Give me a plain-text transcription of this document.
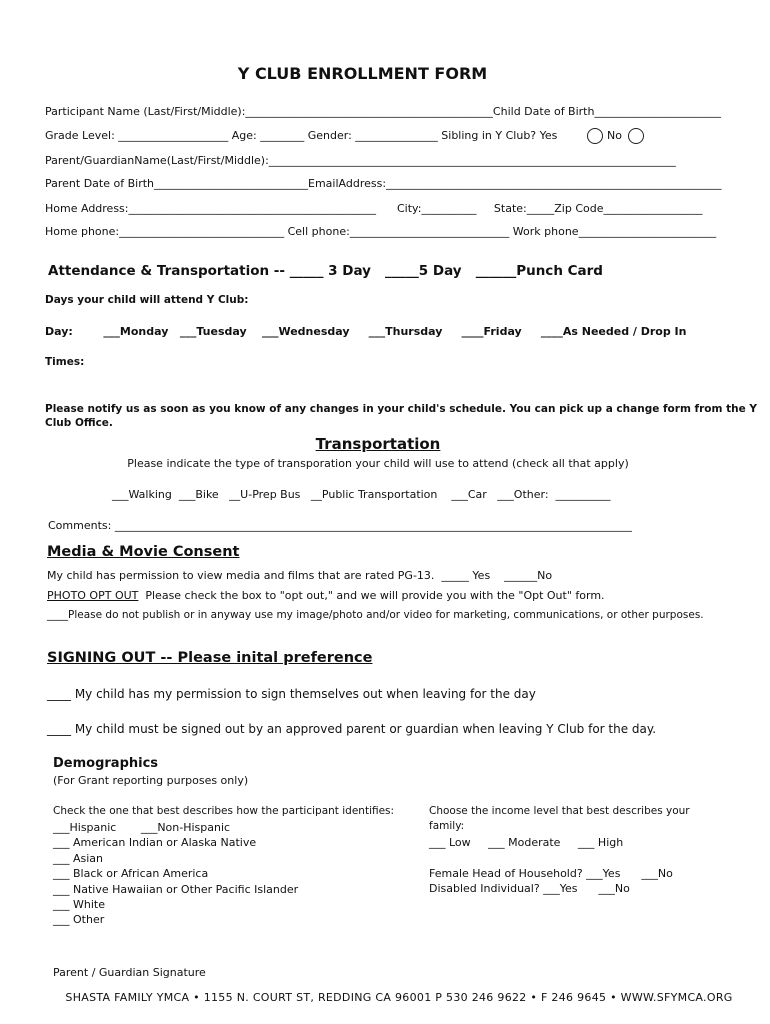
Y CLUB ENROLLMENT FORM
Participant Name (Last/First/Middle):_____________________________________________Child Date of Birth_______________________
Grade Level: ____________________ Age: ________ Gender: _______________ Sibling in Y Club? Yes	No
Parent/GuardianName(Last/First/Middle):__________________________________________________________________________
Parent Date of Birth____________________________EmailAddress:_____________________________________________________________
Home Address:_____________________________________________      City:__________     State:_____Zip Code__________________
Home phone:______________________________ Cell phone:_____________________________ Work phone_________________________
Attendance & Transportation -- _____ 3 Day   _____5 Day   ______Punch Card
Days your child will attend Y Club:
Day:        ___Monday   ___Tuesday    ___Wednesday     ___Thursday     ____Friday     ____As Needed / Drop In
Times:
Please notify us as soon as you know of any changes in your child's schedule. You can pick up a change form from the Y
Club Office.
Transportation
Please indicate the type of transporation your child will use to attend (check all that apply)
___Walking  ___Bike   __U-Prep Bus   __Public Transportation    ___Car   ___Other:  __________
Comments: ______________________________________________________________________________________________
Media & Movie Consent
My child has permission to view media and films that are rated PG-13.  _____ Yes    ______No
PHOTO OPT OUT  Please check the box to "opt out," and we will provide you with the "Opt Out" form.
____Please do not publish or in anyway use my image/photo and/or video for marketing, communications, or other purposes.
SIGNING OUT -- Please inital preference
____ My child has my permission to sign themselves out when leaving for the day
____ My child must be signed out by an approved parent or guardian when leaving Y Club for the day.
Demographics
(For Grant reporting purposes only)
Check the one that best describes how the participant identifies:
___Hispanic       ___Non-Hispanic
___ American Indian or Alaska Native
___ Asian
___ Black or African America
___ Native Hawaiian or Other Pacific Islander
___ White
___ Other
Choose the income level that best describes your
family:
___ Low     ___ Moderate     ___ High
Female Head of Household? ___Yes      ___No
Disabled Individual? ___Yes      ___No
Parent / Guardian Signature
SHASTA FAMILY YMCA • 1155 N. COURT ST, REDDING CA 96001 P 530 246 9622 • F 246 9645 • WWW.SFYMCA.ORG
